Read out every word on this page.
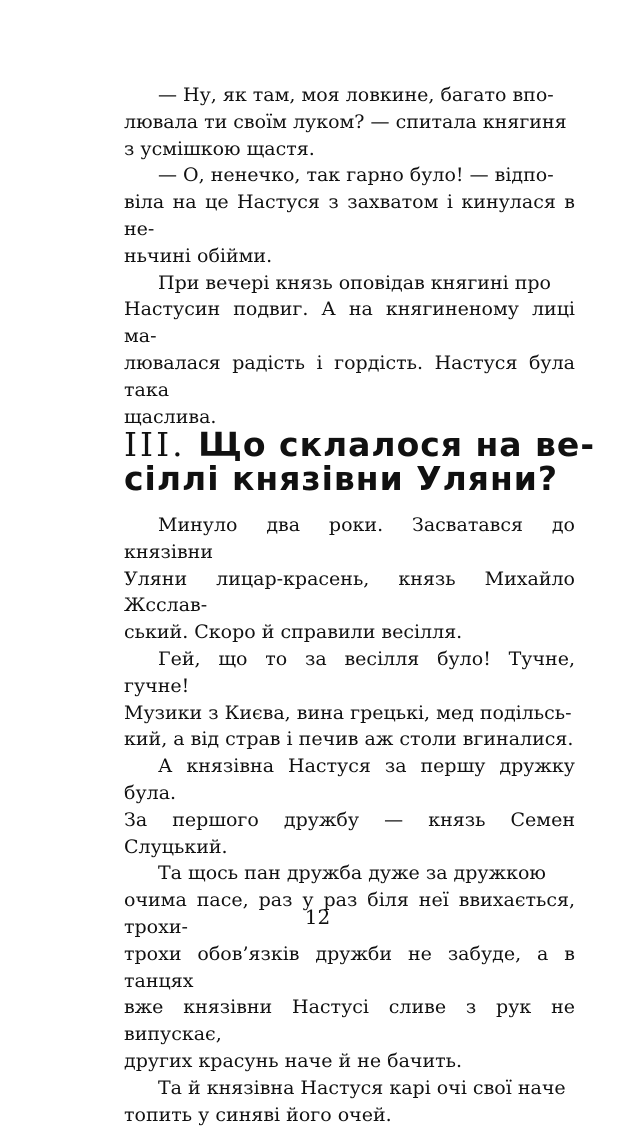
— Ну, як там, моя ловкине, багато впо-

лювала ти своїм луком? — спитала княгиня

з усмішкою щастя.

— О, ненечко, так гарно було! — відпо-

віла на це Настуся з захватом і кинулася в не-

ньчині обійми.

При вечері князь оповідав княгині про

Настусин подвиг. А на княгиненому лиці ма-

лювалася радість і гордість. Настуся була така

щаслива.

III. Що склалося на ве-
сіллі князівни Уляни?

Минуло два роки. Засватався до князівни

Уляни лицар-красень, князь Михайло Жсслав-

ський. Скоро й справили весілля.

Гей, що то за весілля було! Тучне, гучне!

Музики з Києва, вина грецькі, мед подільсь-

кий, а від страв і печив аж столи вгиналися.

А князівна Настуся за першу дружку була.

За першого дружбу — князь Семен Слуцький.

Та щось пан дружба дуже за дружкою

очима пасе, раз у раз біля неї ввихається, трохи-

трохи обов’язків дружби не забуде, а в танцях

вже князівни Настусі сливе з рук не випускає,

других красунь наче й не бачить.

Та й князівна Настуся карі очі свої наче

топить у синяві його очей.

12
